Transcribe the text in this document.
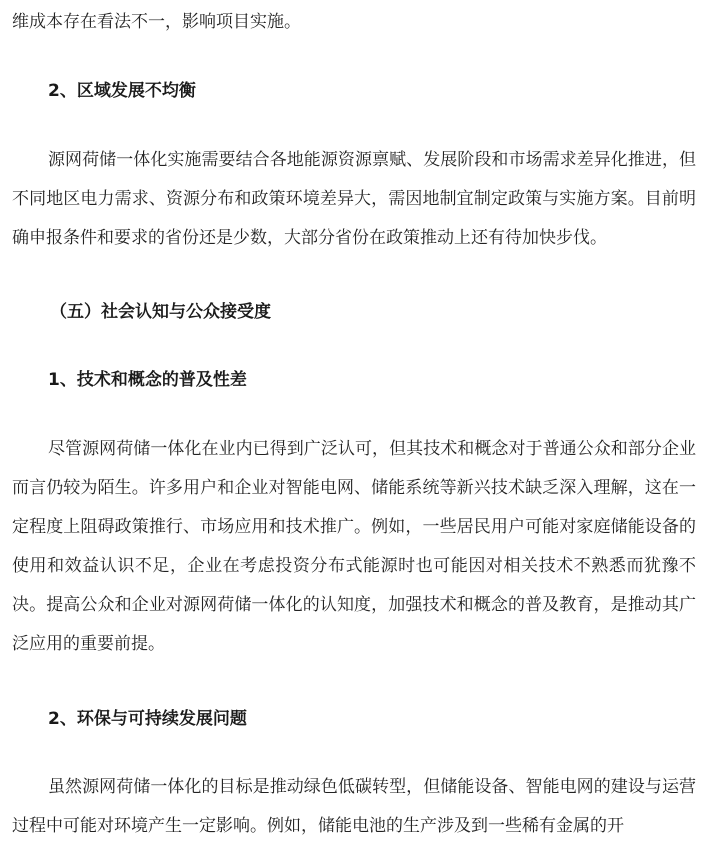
维成本存在看法不一，影响项目实施。

2、区域发展不均衡

源网荷储一体化实施需要结合各地能源资源禀赋、发展阶段和市场需求差异化推进，但不同地区电力需求、资源分布和政策环境差异大，需因地制宜制定政策与实施方案。目前明确申报条件和要求的省份还是少数，大部分省份在政策推动上还有待加快步伐。

（五）社会认知与公众接受度
1、技术和概念的普及性差

尽管源网荷储一体化在业内已得到广泛认可，但其技术和概念对于普通公众和部分企业而言仍较为陌生。许多用户和企业对智能电网、储能系统等新兴技术缺乏深入理解，这在一定程度上阻碍政策推行、市场应用和技术推广。例如，一些居民用户可能对家庭储能设备的使用和效益认识不足，企业在考虑投资分布式能源时也可能因对相关技术不熟悉而犹豫不决。提高公众和企业对源网荷储一体化的认知度，加强技术和概念的普及教育，是推动其广泛应用的重要前提。

2、环保与可持续发展问题

虽然源网荷储一体化的目标是推动绿色低碳转型，但储能设备、智能电网的建设与运营过程中可能对环境产生一定影响。例如，储能电池的生产涉及到一些稀有金属的开
